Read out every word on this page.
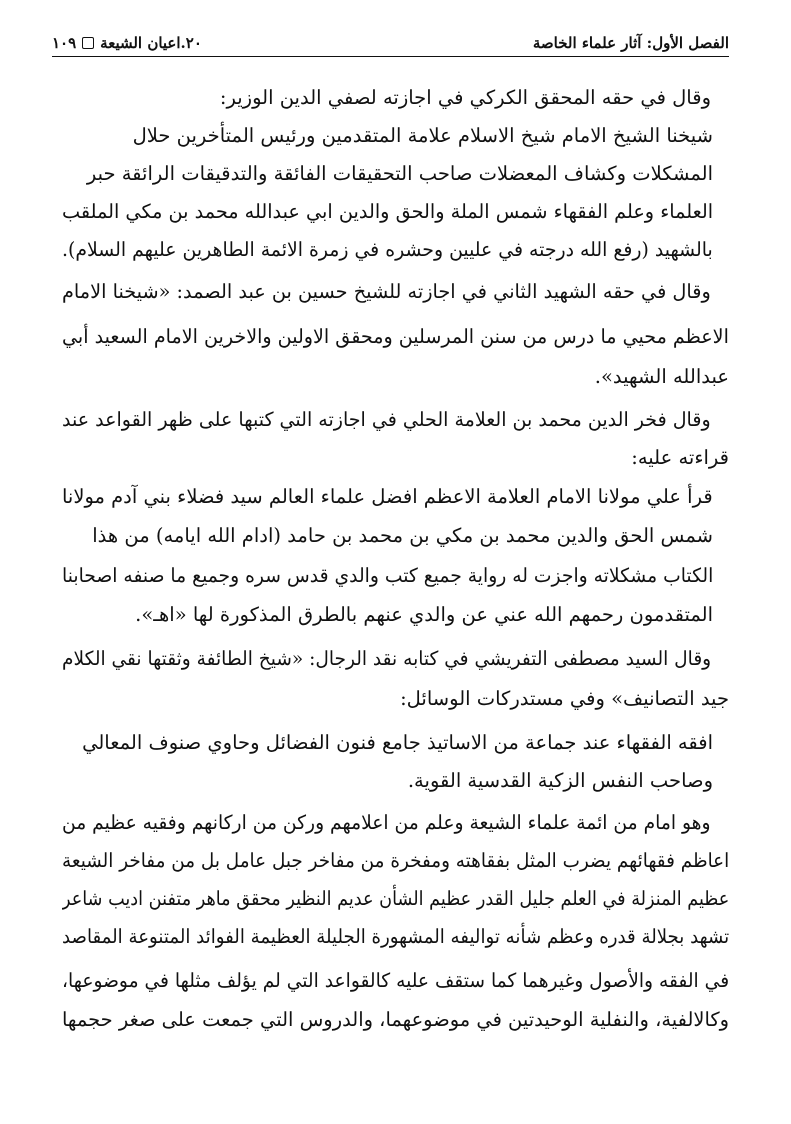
الفصل الأول: آثار علماء الخاصة
١٠٩ ٢٠.اعيان الشيعة
وقال في حقه المحقق الكركي في اجازته لصفي الدين الوزير:
شيخنا الشيخ الامام شيخ الاسلام علامة المتقدمين ورئيس المتأخرين حلال
المشكلات وكشاف المعضلات صاحب التحقيقات الفائقة والتدقيقات الرائقة حبر
العلماء وعلم الفقهاء شمس الملة والحق والدين ابي عبدالله محمد بن مكي الملقب
بالشهيد (رفع الله درجته في عليين وحشره في زمرة الائمة الطاهرين عليهم السلام).
وقال في حقه الشهيد الثاني في اجازته للشيخ حسين بن عبد الصمد: «شيخنا الامام
الاعظم محيي ما درس من سنن المرسلين ومحقق الاولين والاخرين الامام السعيد أبي
عبدالله الشهيد».
وقال فخر الدين محمد بن العلامة الحلي في اجازته التي كتبها على ظهر القواعد عند
قراءته عليه:
قرأ علي مولانا الامام العلامة الاعظم افضل علماء العالم سيد فضلاء بني آدم مولانا
شمس الحق والدين محمد بن مكي بن محمد بن حامد (ادام الله ايامه) من هذا
الكتاب مشكلاته واجزت له رواية جميع كتب والدي قدس سره وجميع ما صنفه اصحابنا
المتقدمون رحمهم الله عني عن والدي عنهم بالطرق المذكورة لها «اهـ».
وقال السيد مصطفى التفريشي في كتابه نقد الرجال: «شيخ الطائفة وثقتها نقي الكلام
جيد التصانيف» وفي مستدركات الوسائل:
افقه الفقهاء عند جماعة من الاساتيذ جامع فنون الفضائل وحاوي صنوف المعالي
وصاحب النفس الزكية القدسية القوية.
وهو امام من ائمة علماء الشيعة وعلم من اعلامهم وركن من اركانهم وفقيه عظيم من
اعاظم فقهائهم يضرب المثل بفقاهته ومفخرة من مفاخر جبل عامل بل من مفاخر الشيعة
عظيم المنزلة في العلم جليل القدر عظيم الشأن عديم النظير محقق ماهر متفنن اديب شاعر
تشهد بجلالة قدره وعظم شأنه تواليفه المشهورة الجليلة العظيمة الفوائد المتنوعة المقاصد
في الفقه والأصول وغيرهما كما ستقف عليه كالقواعد التي لم يؤلف مثلها في موضوعها،
وكالالفية، والنفلية الوحيدتين في موضوعهما، والدروس التي جمعت على صغر حجمها
